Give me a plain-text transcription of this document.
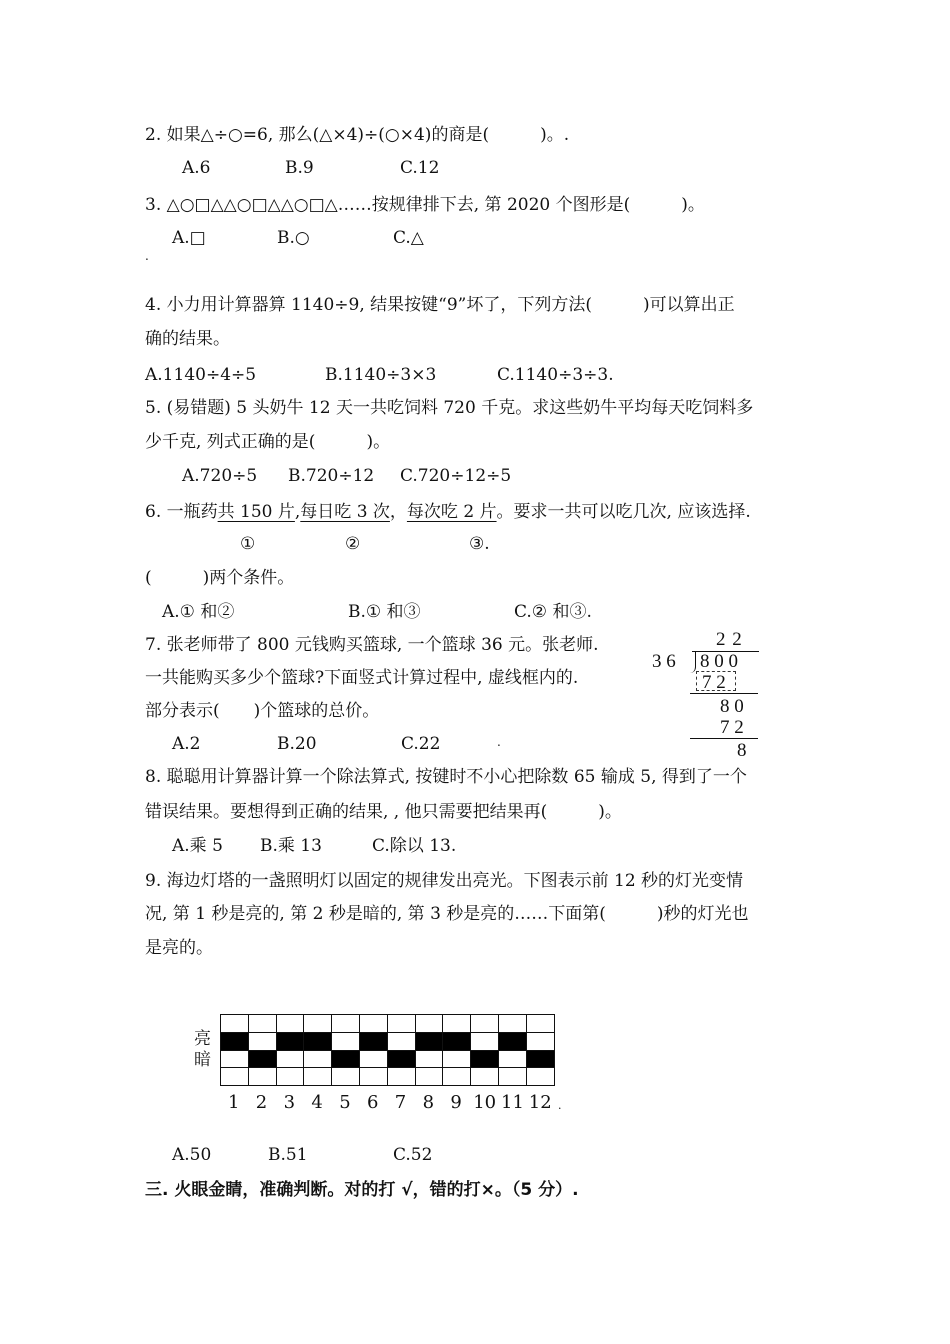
2. 如果△÷○=6, 那么(△×4)÷(○×4)的商是(　　　)。.
A.6	B.9	C.12
3. △○□△△○□△△○□△……按规律排下去, 第 2020 个图形是(　　　)。
A.□	B.○	C.△
.
4. 小力用计算器算 1140÷9, 结果按键“9”坏了，下列方法(　　　)可以算出正
确的结果。
A.1140÷4÷5	B.1140÷3×3	C.1140÷3÷3.
5. (易错题) 5 头奶牛 12 天一共吃饲料 720 千克。求这些奶牛平均每天吃饲料多
少千克, 列式正确的是(　　　)。
A.720÷5 B.720÷12 C.720÷12÷5
6. 一瓶药共 150 片,每日吃 3 次，每次吃 2 片。要求一共可以吃几次, 应该选择.
①	②	③.
(　　　)两个条件。
A.① 和②	B.① 和③	C.② 和③.
7. 张老师带了 800 元钱购买篮球, 一个篮球 36 元。张老师.
一共能购买多少个篮球?下面竖式计算过程中, 虚线框内的.
部分表示(　　)个篮球的总价。
A.2	B.20	C.22	.
2 2
3 6 8 0 0
7 2
8 0
7 2
8
8. 聪聪用计算器计算一个除法算式, 按键时不小心把除数 65 输成 5, 得到了一个
错误结果。要想得到正确的结果, , 他只需要把结果再(　　　)。
A.乘 5 B.乘 13	C.除以 13.
9. 海边灯塔的一盏照明灯以固定的规律发出亮光。下图表示前 12 秒的灯光变情
况, 第 1 秒是亮的, 第 2 秒是暗的, 第 3 秒是亮的……下面第(　　　)秒的灯光也
是亮的。
亮
暗

1 2 3 4 5 6 7 8 9 10 11 12 .
A.50	B.51	C.52
三. 火眼金睛，准确判断。对的打 √，错的打×。（5 分）.
